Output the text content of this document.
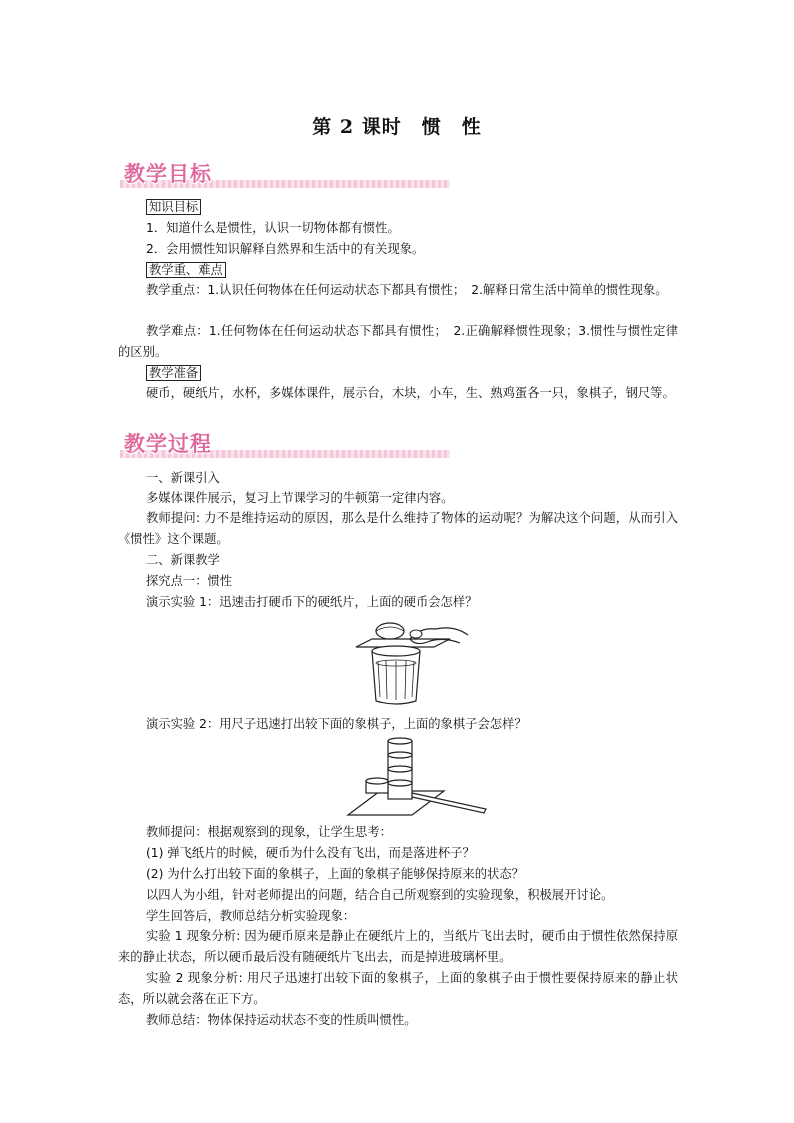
第 2 课时　惯　性
教学目标
知识目标
1．知道什么是惯性，认识一切物体都有惯性。
2．会用惯性知识解释自然界和生活中的有关现象。
教学重、难点
教学重点：1.认识任何物体在任何运动状态下都具有惯性；　2.解释日常生活中简单的惯性现象。
教学难点：1.任何物体在任何运动状态下都具有惯性；　2.正确解释惯性现象；3.惯性与惯性定律的区别。
教学准备
硬币，硬纸片，水杯，多媒体课件，展示台，木块，小车，生、熟鸡蛋各一只，象棋子，钢尺等。
教学过程
一、新课引入
多媒体课件展示，复习上节课学习的牛顿第一定律内容。
教师提问: 力不是维持运动的原因，那么是什么维持了物体的运动呢？为解决这个问题，从而引入《惯性》这个课题。
二、新课教学
探究点一：惯性
演示实验 1：迅速击打硬币下的硬纸片，上面的硬币会怎样？
演示实验 2：用尺子迅速打出较下面的象棋子，上面的象棋子会怎样？
教师提问：根据观察到的现象，让学生思考：
(1) 弹飞纸片的时候，硬币为什么没有飞出，而是落进杯子？
(2) 为什么打出较下面的象棋子，上面的象棋子能够保持原来的状态？
以四人为小组，针对老师提出的问题，结合自己所观察到的实验现象，积极展开讨论。
学生回答后，教师总结分析实验现象：
实验 1 现象分析: 因为硬币原来是静止在硬纸片上的，当纸片飞出去时，硬币由于惯性依然保持原来的静止状态，所以硬币最后没有随硬纸片飞出去，而是掉进玻璃杯里。
实验 2 现象分析: 用尺子迅速打出较下面的象棋子，上面的象棋子由于惯性要保持原来的静止状态，所以就会落在正下方。
教师总结：物体保持运动状态不变的性质叫惯性。
